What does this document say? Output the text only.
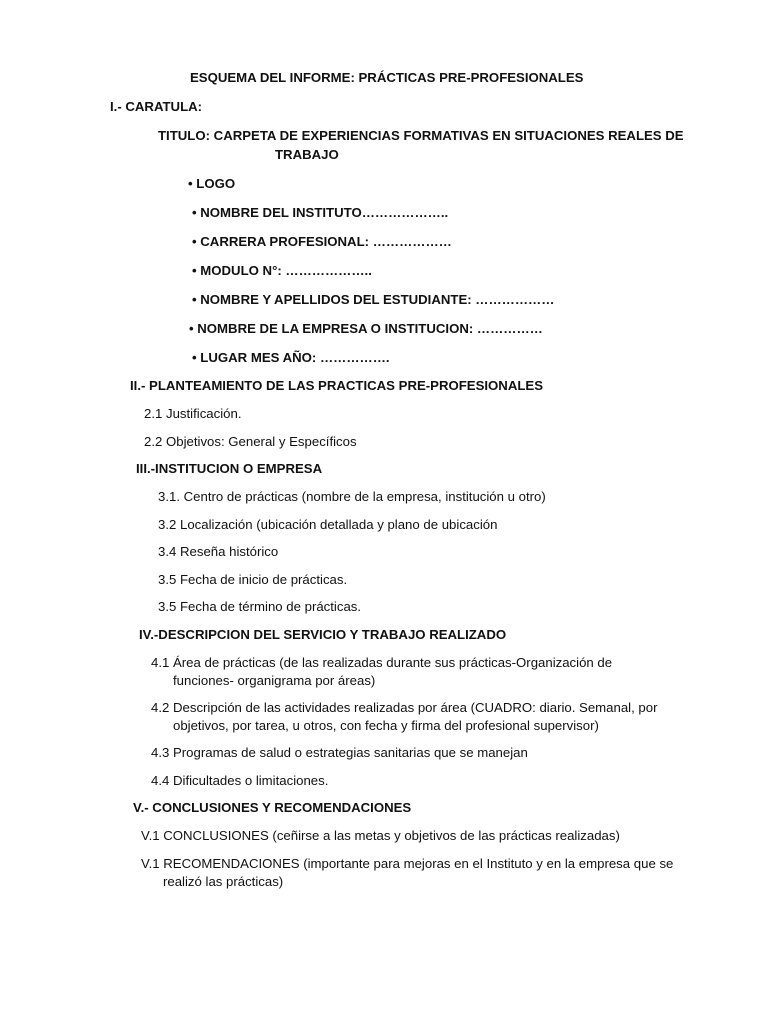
ESQUEMA DEL INFORME: PRÁCTICAS PRE-PROFESIONALES
I.- CARATULA:
TITULO: CARPETA DE EXPERIENCIAS FORMATIVAS EN SITUACIONES REALES DE
TRABAJO
• LOGO
• NOMBRE DEL INSTITUTO………………..
• CARRERA PROFESIONAL: ………………
• MODULO N°: ………………..
• NOMBRE Y APELLIDOS DEL ESTUDIANTE: ………………
• NOMBRE DE LA EMPRESA O INSTITUCION: ……………
• LUGAR MES AÑO: …………….
II.- PLANTEAMIENTO DE LAS PRACTICAS PRE-PROFESIONALES
2.1 Justificación.
2.2 Objetivos: General y Específicos
III.-INSTITUCION O EMPRESA
3.1. Centro de prácticas (nombre de la empresa, institución u otro)
3.2 Localización (ubicación detallada y plano de ubicación
3.4 Reseña histórico
3.5 Fecha de inicio de prácticas.
3.5 Fecha de término de prácticas.
IV.-DESCRIPCION DEL SERVICIO Y TRABAJO REALIZADO
4.1 Área de prácticas (de las realizadas durante sus prácticas-Organización de
funciones- organigrama por áreas)
4.2 Descripción de las actividades realizadas por área (CUADRO: diario. Semanal, por
objetivos, por tarea, u otros, con fecha y firma del profesional supervisor)
4.3 Programas de salud o estrategias sanitarias que se manejan
4.4 Dificultades o limitaciones.
V.- CONCLUSIONES Y RECOMENDACIONES
V.1 CONCLUSIONES (ceñirse a las metas y objetivos de las prácticas realizadas)
V.1 RECOMENDACIONES (importante para mejoras en el Instituto y en la empresa que se
realizó las prácticas)
